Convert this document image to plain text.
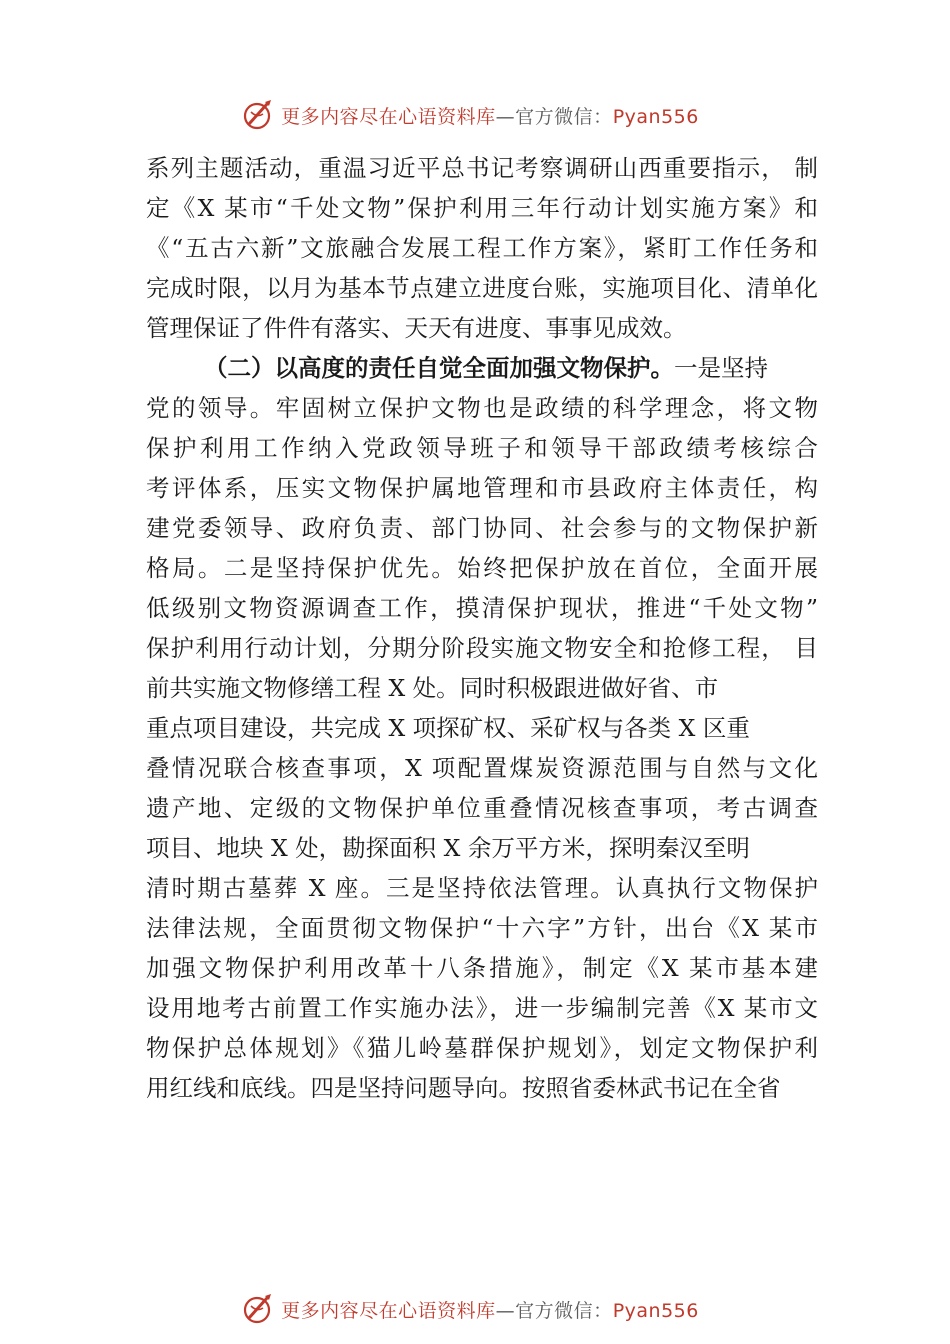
更多内容尽在心语资料库—官方微信：Pyan556
系列主题活动，重温习近平总书记考察调研山西重要指示， 制
定《X 某市“千处文物”保护利用三年行动计划实施方案》和
《“五古六新”文旅融合发展工程工作方案》，紧盯工作任务和
完成时限，以月为基本节点建立进度台账，实施项目化、清单化
管理保证了件件有落实、天天有进度、事事见成效。
（二）以高度的责任自觉全面加强文物保护。一是坚持
党的领导。牢固树立保护文物也是政绩的科学理念，将文物
保护利用工作纳入党政领导班子和领导干部政绩考核综合
考评体系，压实文物保护属地管理和市县政府主体责任，构
建党委领导、政府负责、部门协同、社会参与的文物保护新
格局。二是坚持保护优先。始终把保护放在首位，全面开展
低级别文物资源调查工作，摸清保护现状，推进“千处文物”
保护利用行动计划，分期分阶段实施文物安全和抢修工程， 目
前共实施文物修缮工程 X 处。同时积极跟进做好省、市
重点项目建设，共完成 X 项探矿权、采矿权与各类 X 区重
叠情况联合核查事项，X 项配置煤炭资源范围与自然与文化
遗产地、定级的文物保护单位重叠情况核查事项，考古调查
项目、地块 X 处，勘探面积 X 余万平方米，探明秦汉至明
清时期古墓葬 X 座。三是坚持依法管理。认真执行文物保护
法律法规，全面贯彻文物保护“十六字”方针，出台《X 某市
加强文物保护利用改革十八条措施》，制定《X 某市基本建
设用地考古前置工作实施办法》，进一步编制完善《X 某市文
物保护总体规划》《猫儿岭墓群保护规划》，划定文物保护利
用红线和底线。四是坚持问题导向。按照省委林武书记在全省
更多内容尽在心语资料库—官方微信：Pyan556
